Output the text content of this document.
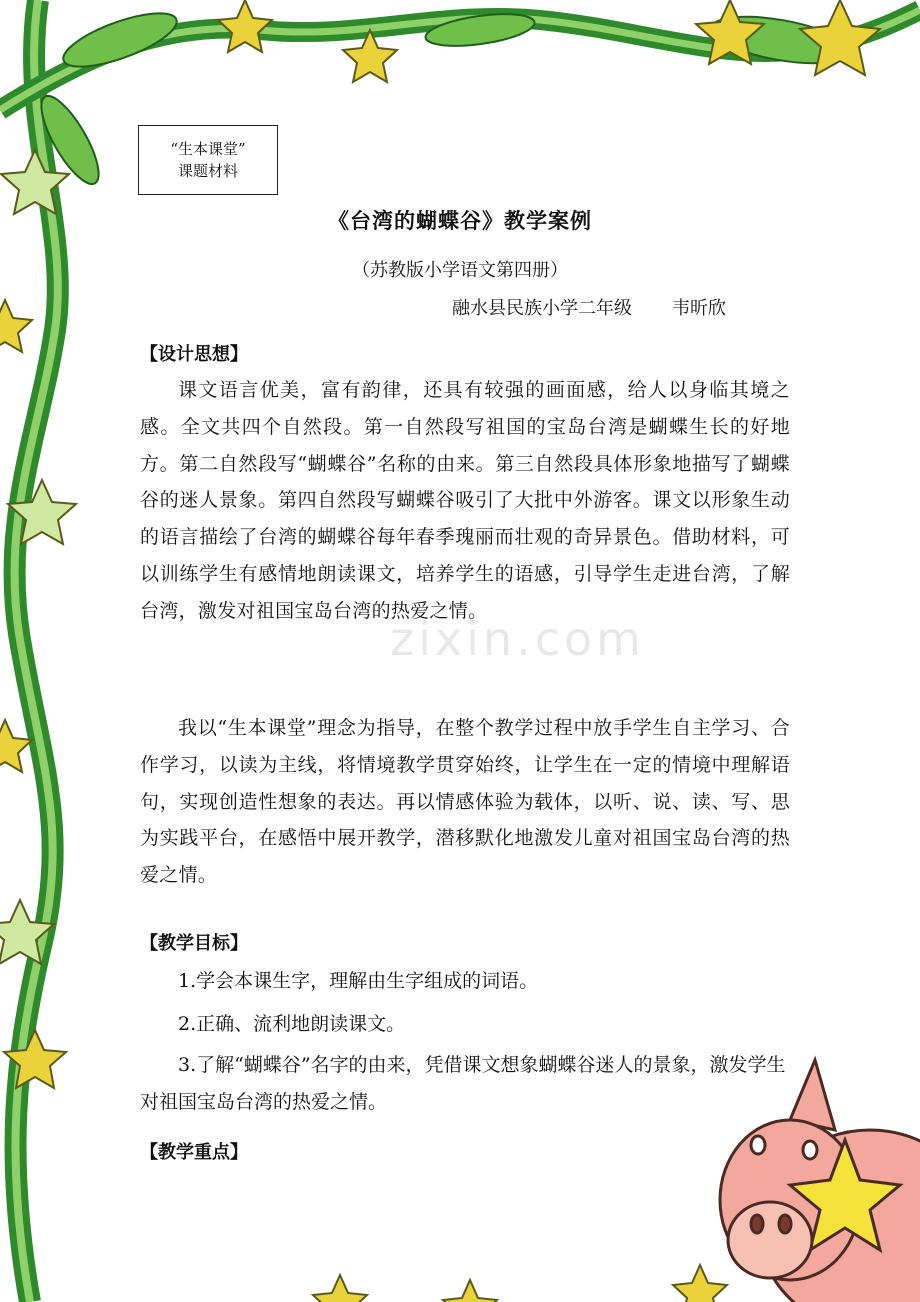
“生本课堂”
课题材料
《台湾的蝴蝶谷》教学案例
（苏教版小学语文第四册）
融水县民族小学二年级 韦昕欣
【设计思想】

课文语言优美，富有韵律，还具有较强的画面感，给人以身临其境之感。全文共四个自然段。第一自然段写祖国的宝岛台湾是蝴蝶生长的好地方。第二自然段写“蝴蝶谷”名称的由来。第三自然段具体形象地描写了蝴蝶谷的迷人景象。第四自然段写蝴蝶谷吸引了大批中外游客。课文以形象生动的语言描绘了台湾的蝴蝶谷每年春季瑰丽而壮观的奇异景色。借助材料，可以训练学生有感情地朗读课文，培养学生的语感，引导学生走进台湾，了解台湾，激发对祖国宝岛台湾的热爱之情。

我以“生本课堂”理念为指导，在整个教学过程中放手学生自主学习、合作学习，以读为主线，将情境教学贯穿始终，让学生在一定的情境中理解语句，实现创造性想象的表达。再以情感体验为载体，以听、说、读、写、思为实践平台，在感悟中展开教学，潜移默化地激发儿童对祖国宝岛台湾的热爱之情。

【教学目标】

1.学会本课生字，理解由生字组成的词语。

2.正确、流利地朗读课文。

3.了解“蝴蝶谷”名字的由来，凭借课文想象蝴蝶谷迷人的景象，激发学生对祖国宝岛台湾的热爱之情。

【教学重点】
zixin.com
